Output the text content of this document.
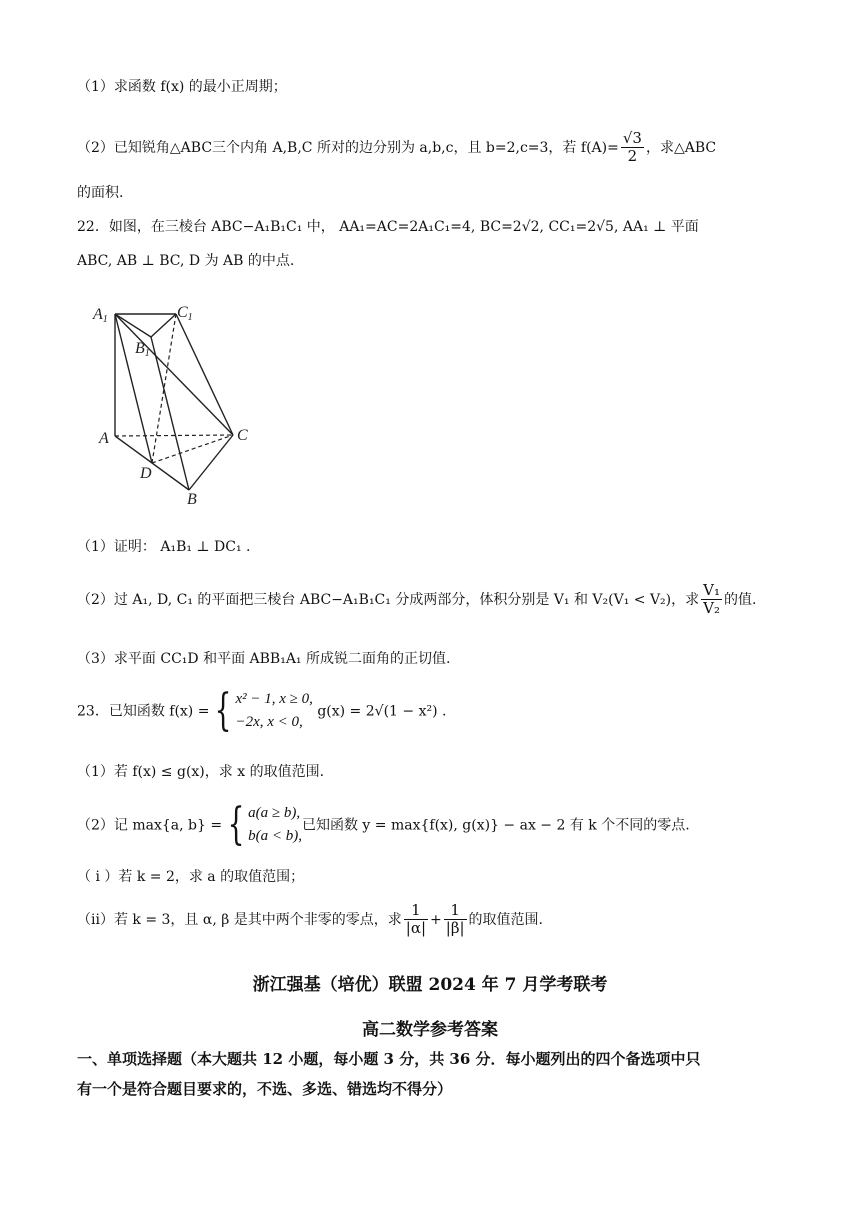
（1）求函数 f(x) 的最小正周期；
（2）已知锐角△ABC三个内角 A,B,C 所对的边分别为 a,b,c，且 b=2,c=3，若 $f(A)= \frac{√3}{2}$ ，求△ABC
的面积.
22．如图，在三棱台 ABC−A₁B₁C₁ 中， AA₁=AC=2A₁C₁=4, BC=2√2, CC₁=2√5, AA₁ ⊥ 平面
ABC, AB ⊥ BC, D 为 AB 的中点.
A1	C1
B1
A	C
D
B
（1）证明： A₁B₁ ⊥ DC₁ .
（2）过 A₁, D, C₁ 的平面把三棱台 ABC−A₁B₁C₁ 分成两部分，体积分别是 V₁ 和 V₂(V₁ < V₂)，求 $\frac{\text{V₁}}{\text{V₂}}$ 的值.
（3）求平面 CC₁D 和平面 ABB₁A₁ 所成锐二面角的正切值.
23．已知函数 f(x) = { x² − 1, x ≥ 0,
−2x, x < 0,
g(x) = 2√(1 − x²) .
（1）若 f(x) ≤ g(x)，求 x 的取值范围.
（2）记 max{a, b} = { a(a ≥ b),
b(a < b),
已知函数 y = max{f(x), g(x)} − ax − 2 有 k 个不同的零点.
（ i ）若 k = 2，求 a 的取值范围；
（ii）若 k = 3，且 α, β 是其中两个非零的零点，求 $\frac{1}{|\alpha|} + \frac{1}{|\beta|}$ 的取值范围.
浙江强基（培优）联盟 2024 年 7 月学考联考
高二数学参考答案
一、单项选择题（本大题共 12 小题，每小题 3 分，共 36 分．每小题列出的四个备选项中只
有一个是符合题目要求的，不选、多选、错选均不得分）
